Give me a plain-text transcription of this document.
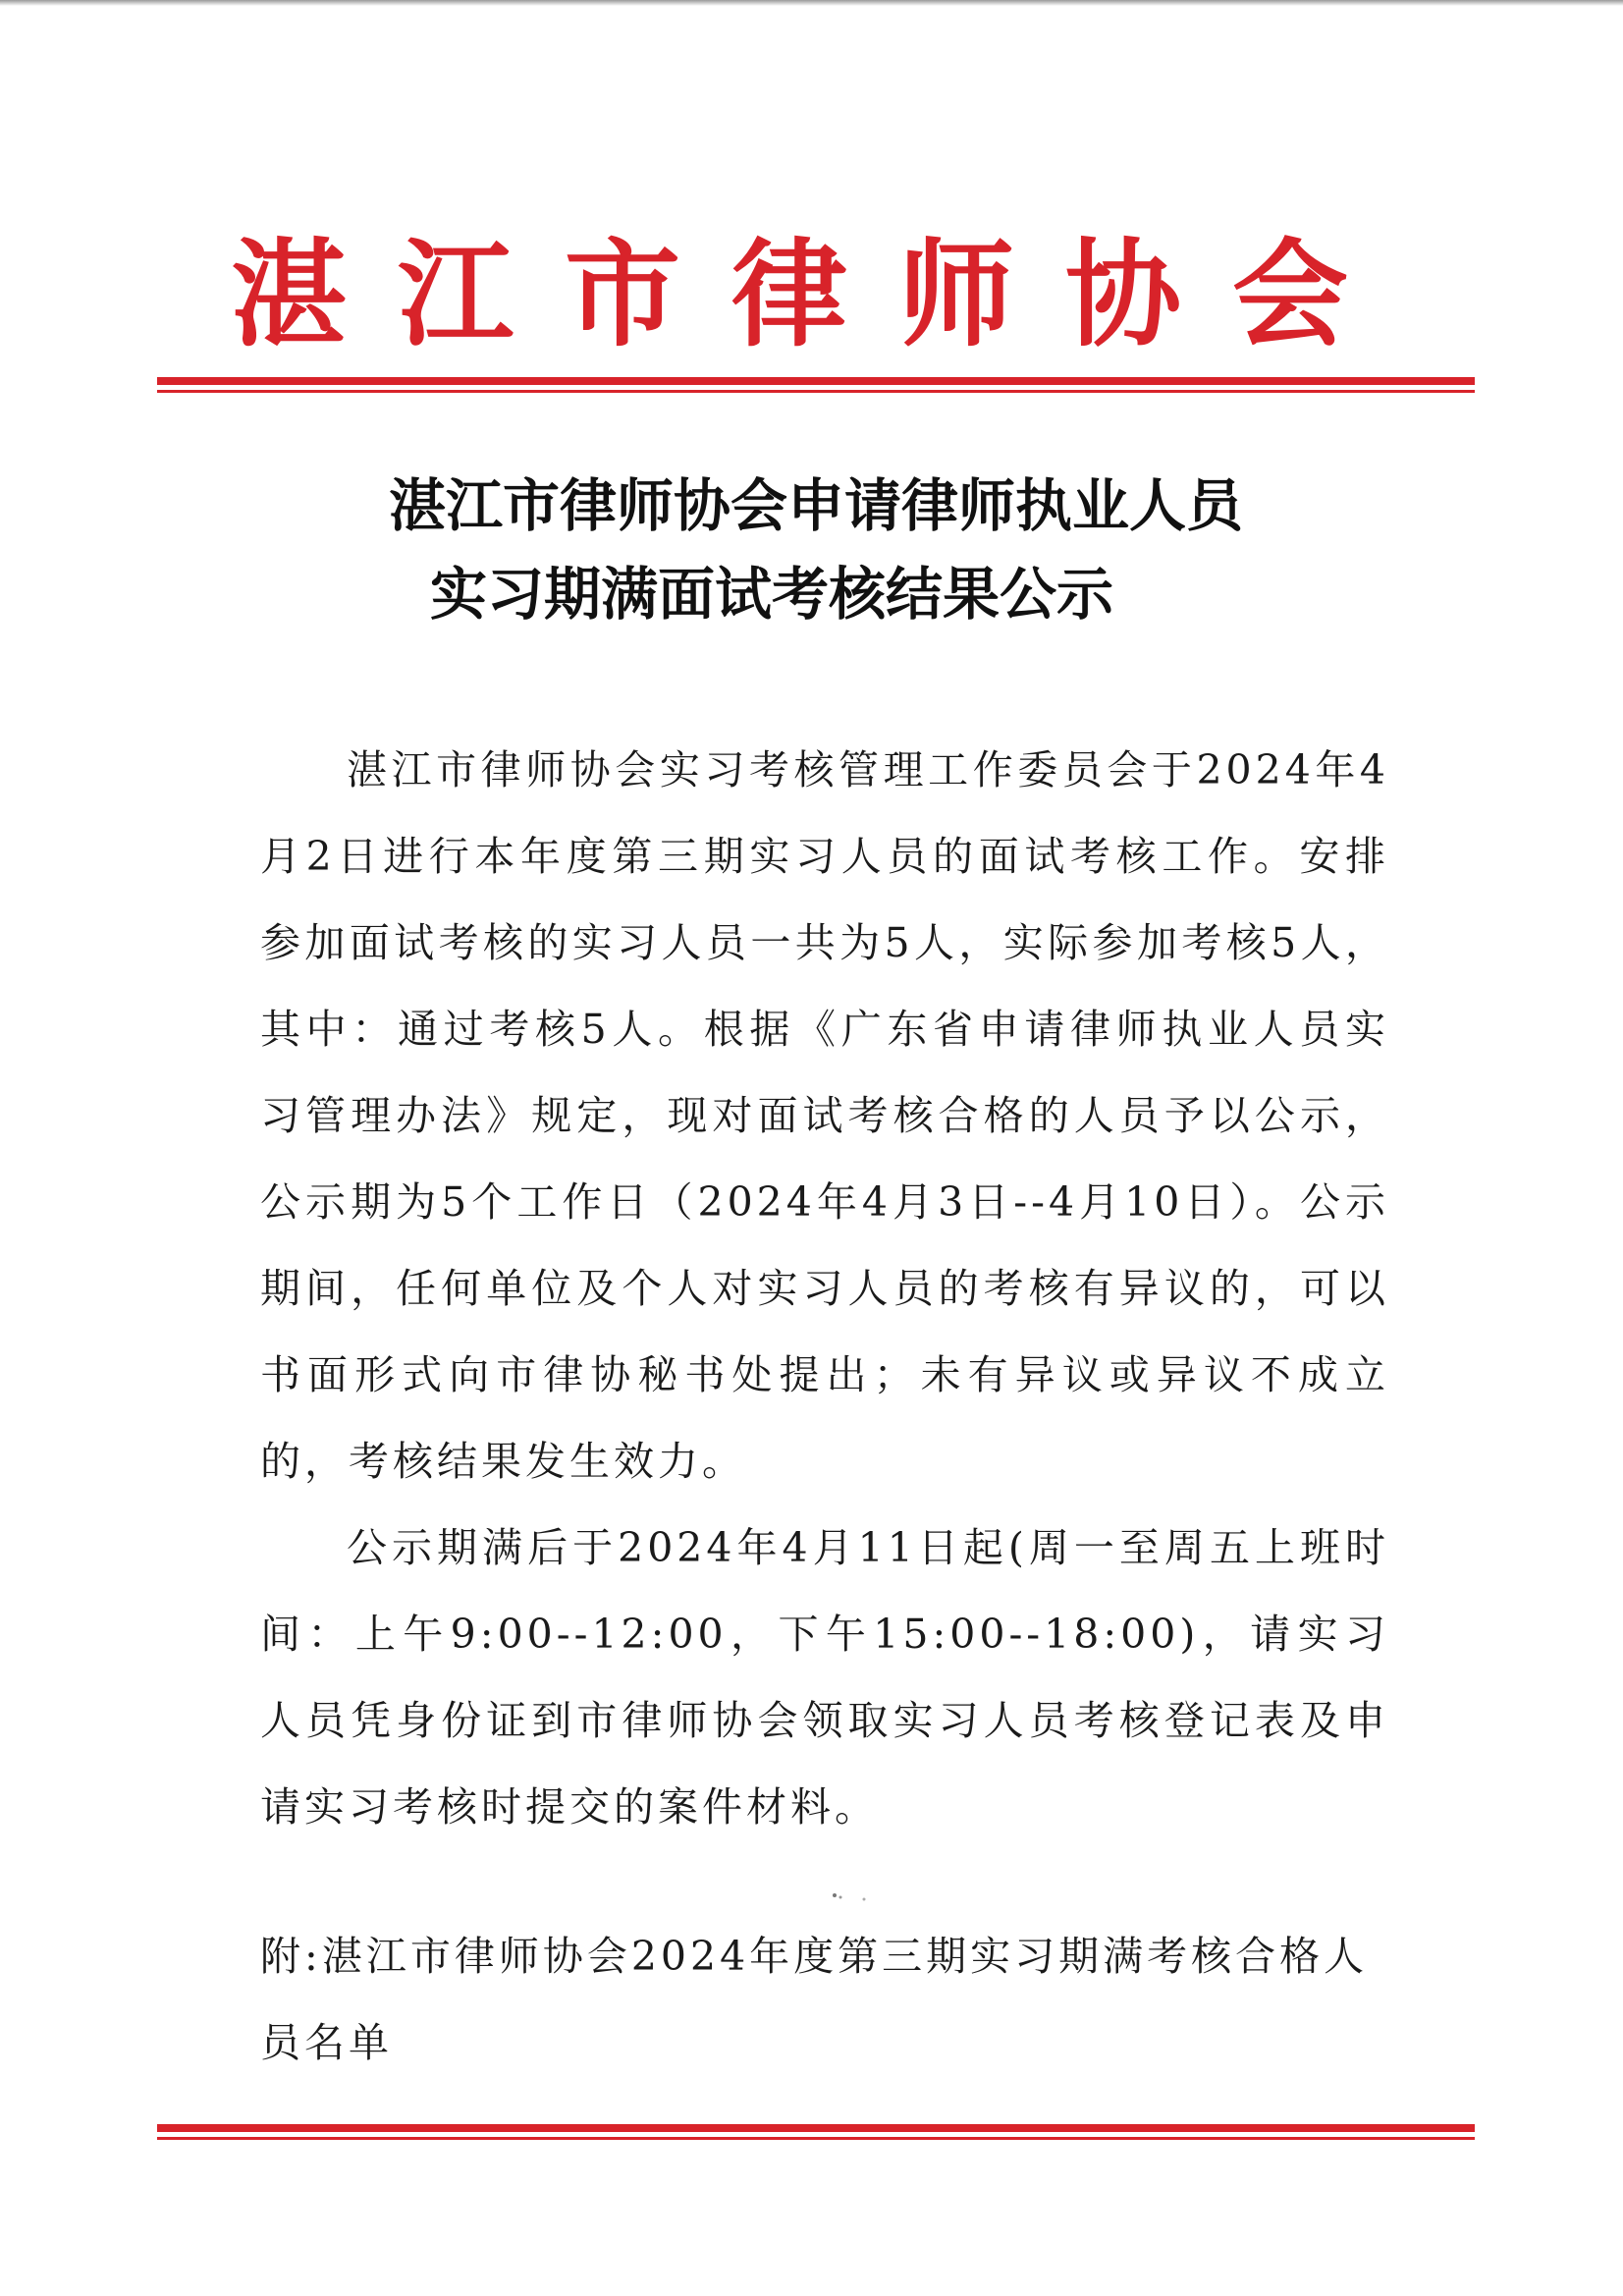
湛江市律师协会
湛江市律师协会申请律师执业人员
实习期满面试考核结果公示

湛江市律师协会实习考核管理工作委员会于2024年4月2日进行本年度第三期实习人员的面试考核工作。安排参加面试考核的实习人员一共为5人，实际参加考核5人，其中：通过考核5人。根据《广东省申请律师执业人员实习管理办法》规定，现对面试考核合格的人员予以公示，公示期为5个工作日（2024年4月3日--4月10日）。公示期间，任何单位及个人对实习人员的考核有异议的，可以书面形式向市律协秘书处提出；未有异议或异议不成立的，考核结果发生效力。

公示期满后于2024年4月11日起(周一至周五上班时间：上午9:00--12:00，下午15:00--18:00)，请实习人员凭身份证到市律师协会领取实习人员考核登记表及申请实习考核时提交的案件材料。

附:湛江市律师协会2024年度第三期实习期满考核合格人员名单
